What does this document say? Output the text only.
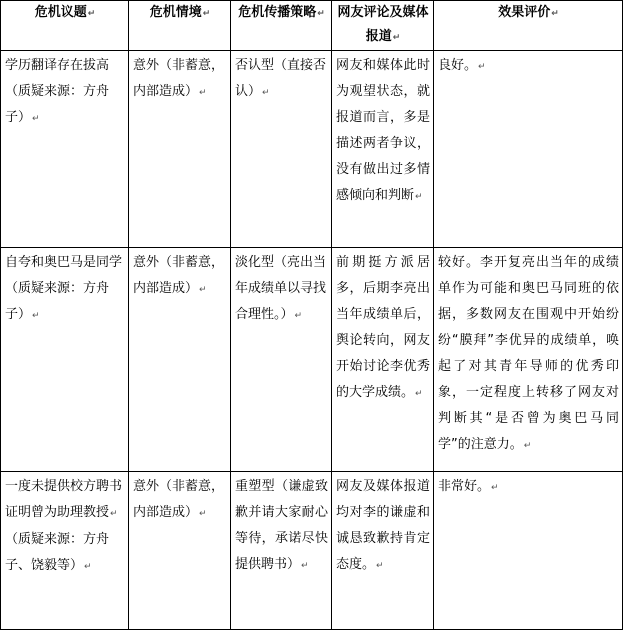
危机议题↵	危机情境↵	危机传播策略↵	网友评论及媒体报道↵	效果评价↵
学历翻译存在拔高（质疑来源：方舟子）↵	意外（非蓄意，内部造成）↵	否认型（直接否认）↵	网友和媒体此时为观望状态，就报道而言，多是描述两者争议，没有做出过多情感倾向和判断↵	良好。↵
自夸和奥巴马是同学（质疑来源：方舟子）↵	意外（非蓄意，内部造成）↵	淡化型（亮出当年成绩单以寻找合理性。）↵	前期挺方派居多，后期李亮出当年成绩单后，舆论转向，网友开始讨论李优秀的大学成绩。↵	较好。李开复亮出当年的成绩单作为可能和奥巴马同班的依据，多数网友在围观中开始纷纷“膜拜”李优异的成绩单，唤起了对其青年导师的优秀印象，一定程度上转移了网友对判断其“是否曾为奥巴马同学”的注意力。↵

一度未提供校方聘书证明曾为助理教授↵
（质疑来源：方舟子、饶毅等）↵	意外（非蓄意，内部造成）↵	重塑型（谦虚致歉并请大家耐心等待，承诺尽快提供聘书）↵	网友及媒体报道均对李的谦虚和诚恳致歉持肯定态度。↵	非常好。↵
